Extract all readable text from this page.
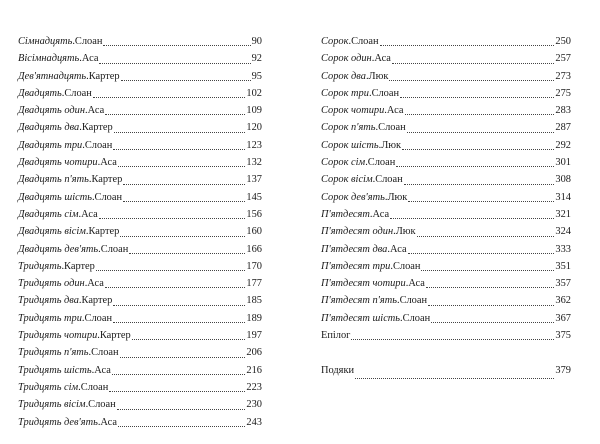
Сімнадцять . Слоан	90
Вісімнадцять . Аса	92
Дев'ятнадцять . Картер	95
Двадцять . Слоан	102
Двадцять один . Аса	109
Двадцять два . Картер	120
Двадцять три . Слоан	123
Двадцять чотири . Аса	132
Двадцять п'ять . Картер	137
Двадцять шість . Слоан	145
Двадцять сім . Аса	156
Двадцять вісім . Картер	160
Двадцять дев'ять . Слоан	166
Тридцять . Картер	170
Тридцять один . Аса	177
Тридцять два . Картер	185
Тридцять три . Слоан	189
Тридцять чотири . Картер	197
Тридцять п'ять . Слоан	206
Тридцять шість . Аса	216
Тридцять сім . Слоан	223
Тридцять вісім . Слоан	230
Тридцять дев'ять . Аса	243
Сорок . Слоан	250
Сорок один . Аса	257
Сорок два . Люк	273
Сорок три . Слоан	275
Сорок чотири . Аса	283
Сорок п'ять . Слоан	287
Сорок шість . Люк	292
Сорок сім . Слоан	301
Сорок вісім . Слоан	308
Сорок дев'ять . Люк	314
П'ятдесят . Аса	321
П'ятдесят один . Люк	324
П'ятдесят два . Аса	333
П'ятдесят три . Слоан	351
П'ятдесят чотири . Аса	357
П'ятдесят п'ять . Слоан	362
П'ятдесят шість . Слоан	367
Епілог	375
Подяки	379
